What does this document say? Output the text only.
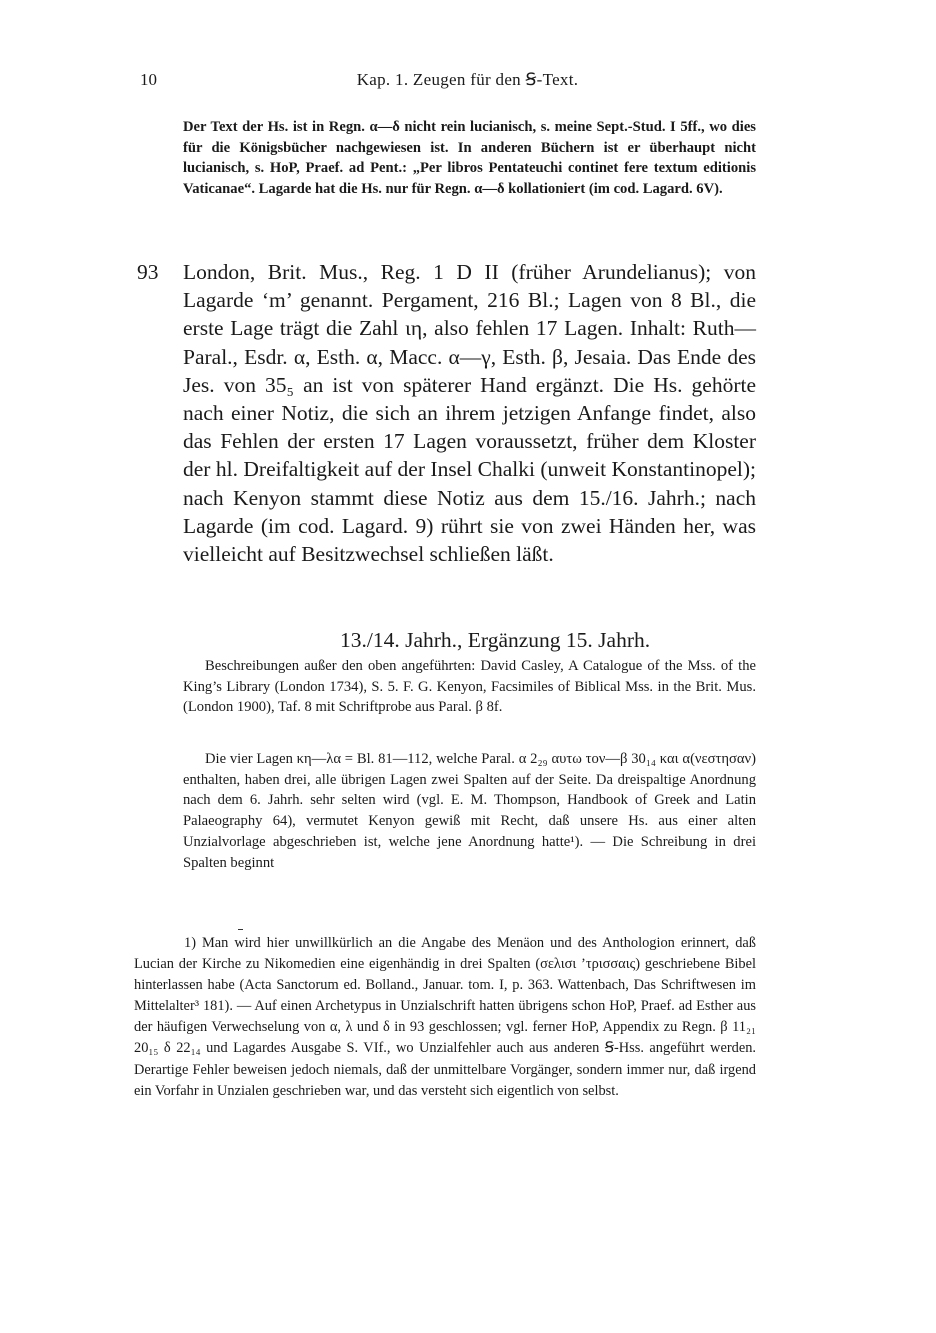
10	Kap. 1. Zeugen für den Ꞩ-Text.

Der Text der Hs. ist in Regn. α—δ nicht rein lucianisch, s. meine Sept.-Stud. I 5ff., wo dies für die Königsbücher nachgewiesen ist. In anderen Büchern ist er überhaupt nicht lucianisch, s. HoP, Praef. ad Pent.: „Per libros Pentateuchi continet fere textum editionis Vaticanae“. Lagarde hat die Hs. nur für Regn. α—δ kollationiert (im cod. Lagard. 6V).

93 London, Brit. Mus., Reg. 1 D II (früher Arundelianus); von Lagarde ‘m’ genannt. Pergament, 216 Bl.; Lagen von 8 Bl., die erste Lage trägt die Zahl ιη, also fehlen 17 Lagen. Inhalt: Ruth—Paral., Esdr. α, Esth. α, Macc. α—γ, Esth. β, Jesaia. Das Ende des Jes. von 35₅ an ist von späterer Hand ergänzt. Die Hs. gehörte nach einer Notiz, die sich an ihrem jetzigen Anfange findet, also das Fehlen der ersten 17 Lagen voraussetzt, früher dem Kloster der hl. Dreifaltigkeit auf der Insel Chalki (unweit Konstantinopel); nach Kenyon stammt diese Notiz aus dem 15./16. Jahrh.; nach Lagarde (im cod. Lagard. 9) rührt sie von zwei Händen her, was vielleicht auf Besitzwechsel schließen läßt.

13./14. Jahrh., Ergänzung 15. Jahrh.

Beschreibungen außer den oben angeführten: David Casley, A Catalogue of the Mss. of the King’s Library (London 1734), S. 5. F. G. Kenyon, Facsimiles of Biblical Mss. in the Brit. Mus. (London 1900), Taf. 8 mit Schriftprobe aus Paral. β 8f.

Die vier Lagen κη—λα = Bl. 81—112, welche Paral. α 2₂₉ αυτω τον—β 30₁₄ και α(νεστησαν) enthalten, haben drei, alle übrigen Lagen zwei Spalten auf der Seite. Da dreispaltige Anordnung nach dem 6. Jahrh. sehr selten wird (vgl. E. M. Thompson, Handbook of Greek and Latin Palaeography 64), vermutet Kenyon gewiß mit Recht, daß unsere Hs. aus einer alten Unzialvorlage abgeschrieben ist, welche jene Anordnung hatte¹). — Die Schreibung in drei Spalten beginnt

1) Man wird hier unwillkürlich an die Angabe des Menäon und des Anthologion erinnert, daß Lucian der Kirche zu Nikomedien eine eigenhändig in drei Spalten (σελισι ’τρισσαις) geschriebene Bibel hinterlassen habe (Acta Sanctorum ed. Bolland., Januar. tom. I, p. 363. Wattenbach, Das Schriftwesen im Mittelalter³ 181). — Auf einen Archetypus in Unzialschrift hatten übrigens schon HoP, Praef. ad Esther aus der häufigen Verwechselung von α, λ und δ in 93 geschlossen; vgl. ferner HoP, Appendix zu Regn. β 11₂₁ 20₁₅ δ 22₁₄ und Lagardes Ausgabe S. VIf., wo Unzialfehler auch aus anderen Ꞩ-Hss. angeführt werden. Derartige Fehler beweisen jedoch niemals, daß der unmittelbare Vorgänger, sondern immer nur, daß irgend ein Vorfahr in Unzialen geschrieben war, und das versteht sich eigentlich von selbst.
